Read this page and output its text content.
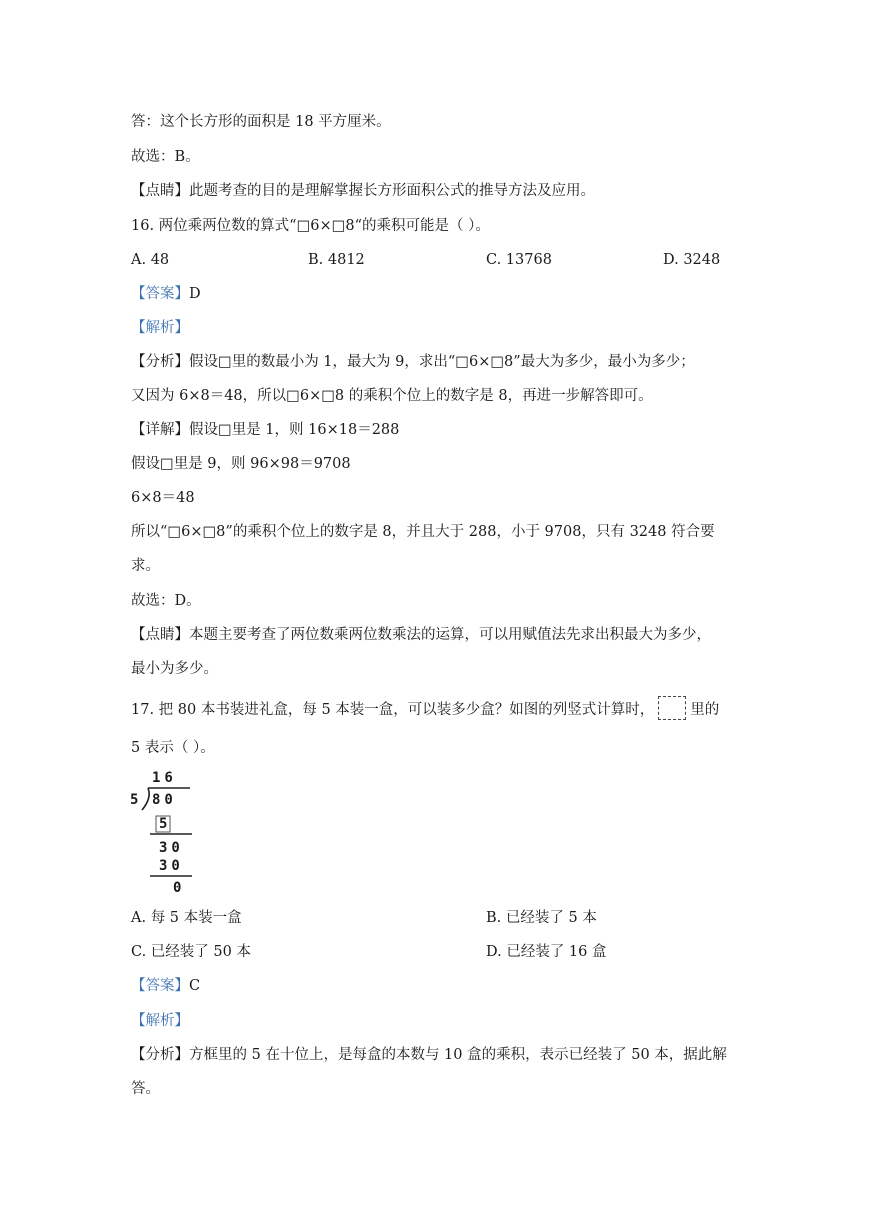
答：这个长方形的面积是 18 平方厘米。
故选：B。
【点睛】此题考查的目的是理解掌握长方形面积公式的推导方法及应用。
16. 两位乘两位数的算式“□6×□8“的乘积可能是（ ）。
A. 48	B. 4812	C. 13768	D. 3248
【答案】D
【解析】
【分析】假设□里的数最小为 1，最大为 9，求出“□6×□8”最大为多少，最小为多少；
又因为 6×8＝48，所以□6×□8 的乘积个位上的数字是 8，再进一步解答即可。
【详解】假设□里是 1，则 16×18＝288
假设□里是 9，则 96×98＝9708
6×8＝48
所以“□6×□8”的乘积个位上的数字是 8，并且大于 288，小于 9708，只有 3248 符合要
求。
故选：D。
【点睛】本题主要考查了两位数乘两位数乘法的运算，可以用赋值法先求出积最大为多少，
最小为多少。
17. 把 80 本书装进礼盒，每 5 本装一盒，可以装多少盒？如图的列竖式计算时， 里的
5 表示（ ）。
16
5 80
5
30
30
0
A. 每 5 本装一盒	B. 已经装了 5 本
C. 已经装了 50 本	D. 已经装了 16 盒
【答案】C
【解析】
【分析】方框里的 5 在十位上，是每盒的本数与 10 盒的乘积，表示已经装了 50 本，据此解
答。
